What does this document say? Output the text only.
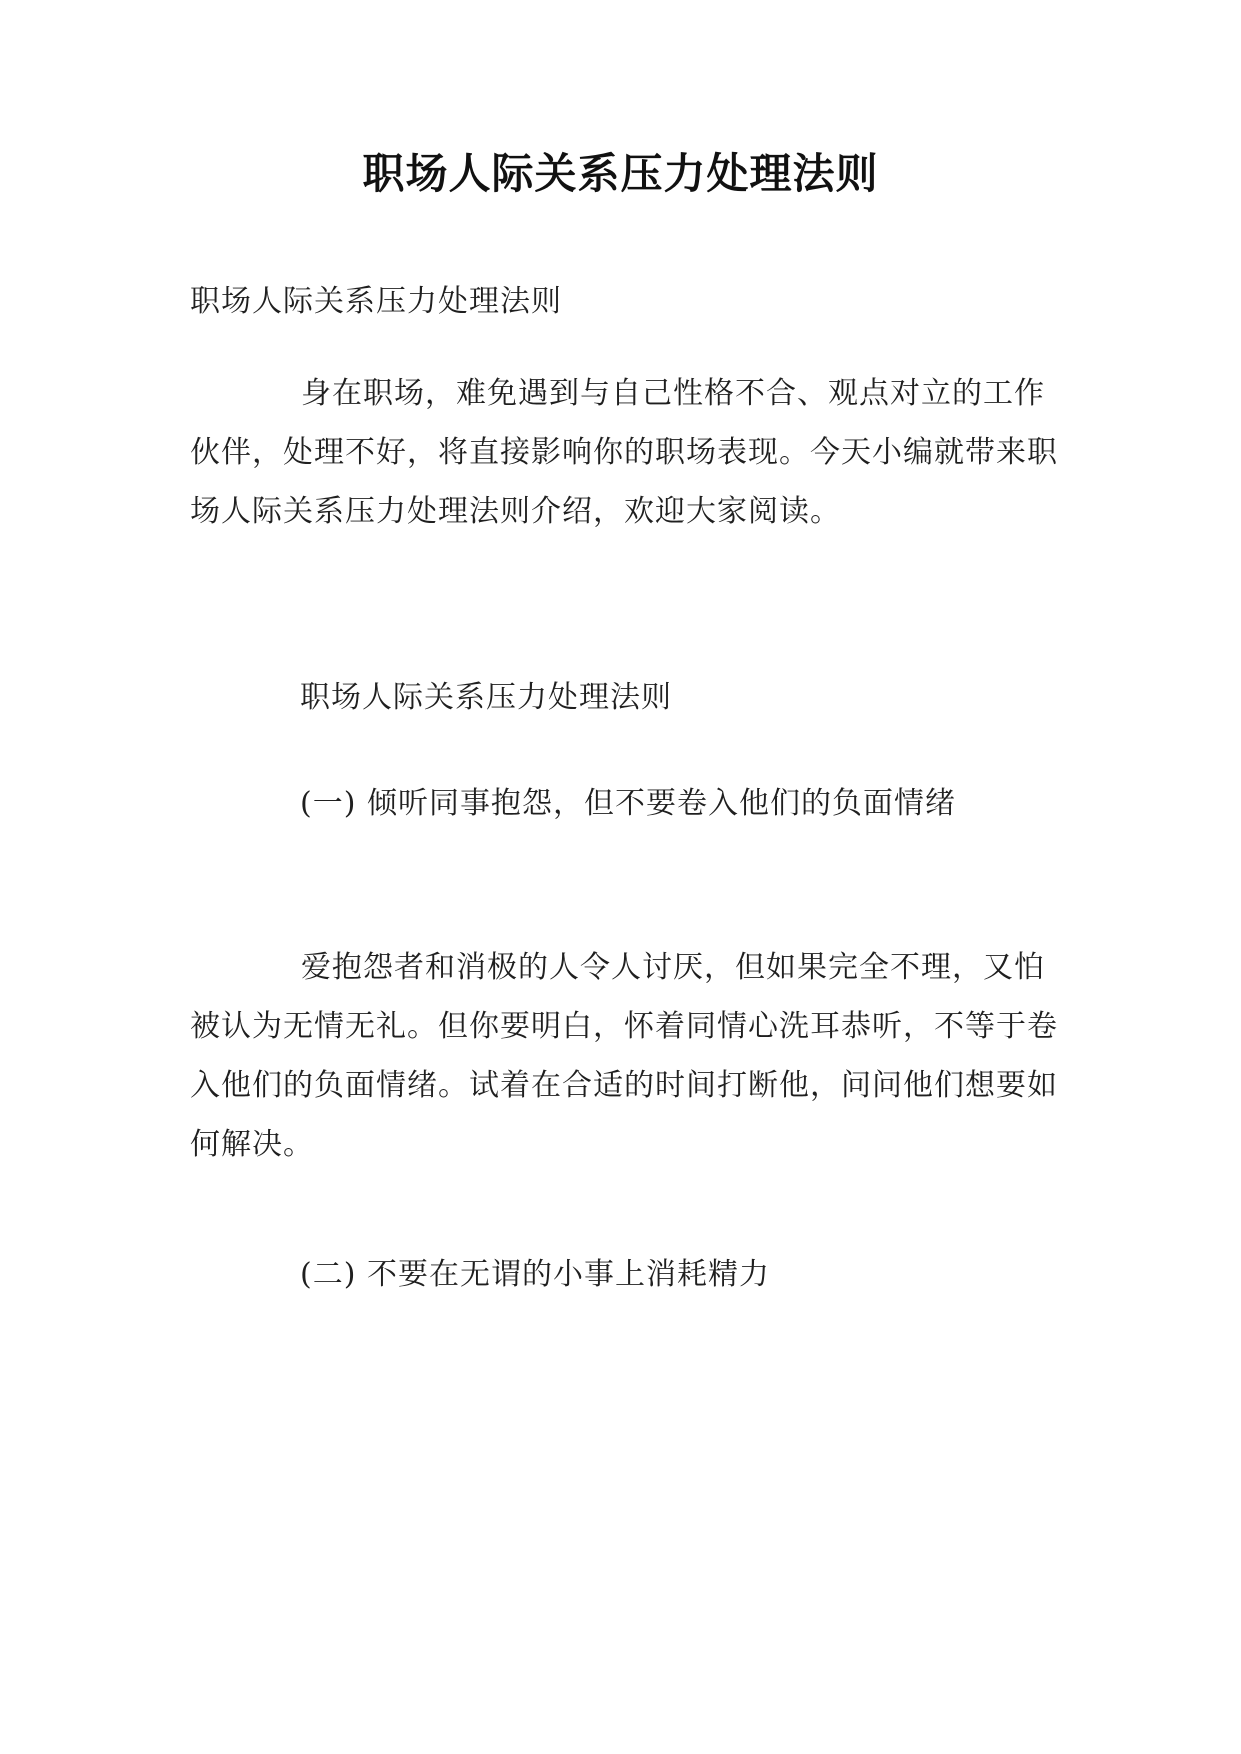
职场人际关系压力处理法则

职场人际关系压力处理法则

身在职场，难免遇到与自己性格不合、观点对立的工作伙伴，处理不好，将直接影响你的职场表现。今天小编就带来职场人际关系压力处理法则介绍，欢迎大家阅读。

职场人际关系压力处理法则

(一) 倾听同事抱怨，但不要卷入他们的负面情绪

爱抱怨者和消极的人令人讨厌，但如果完全不理，又怕被认为无情无礼。但你要明白，怀着同情心洗耳恭听，不等于卷入他们的负面情绪。试着在合适的时间打断他，问问他们想要如何解决。

(二) 不要在无谓的小事上消耗精力
